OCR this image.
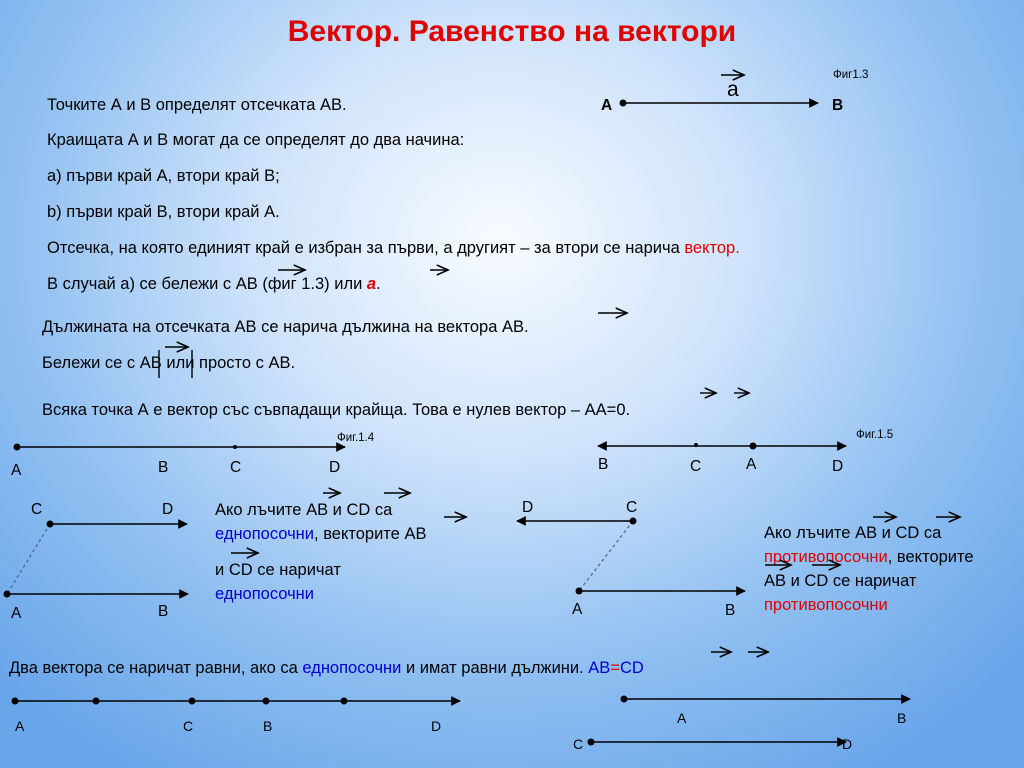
Вектор. Равенство на вектори
Точките А и В определят отсечката АВ.
Краищата А и В могат да се определят до два начина:
a) първи край А, втори край В;
b) първи край В, втори край А.
Отсечка, на която единият край е избран за първи, а другият – за втори се нарича вектор.
В случай а) се бележи с АВ (фиг 1.3) или а.
Дължината на отсечката АВ се нарича дължина на вектора АВ.
Бележи се с АВ или просто с АВ.
Всяка точка А е вектор със съвпадащи крайща. Това е нулев вектор – АА=0.
Фиг1.3
a
A	B
Фиг.1.4
A	B	C	D
Фиг.1.5
B	C	A	D
C	D
A	B
Ако лъчите АВ и CD са
еднопосочни, векторите АВ
и CD се наричат
еднопосочни
D	C
A	B
Ако лъчите АВ и CD са
противопосочни, векторите
АВ и CD се наричат
противопосочни
Два вектора се наричат равни, ако са еднопосочни и имат равни дължини. AB=CD
A	C	B	D	A	B
C	D
